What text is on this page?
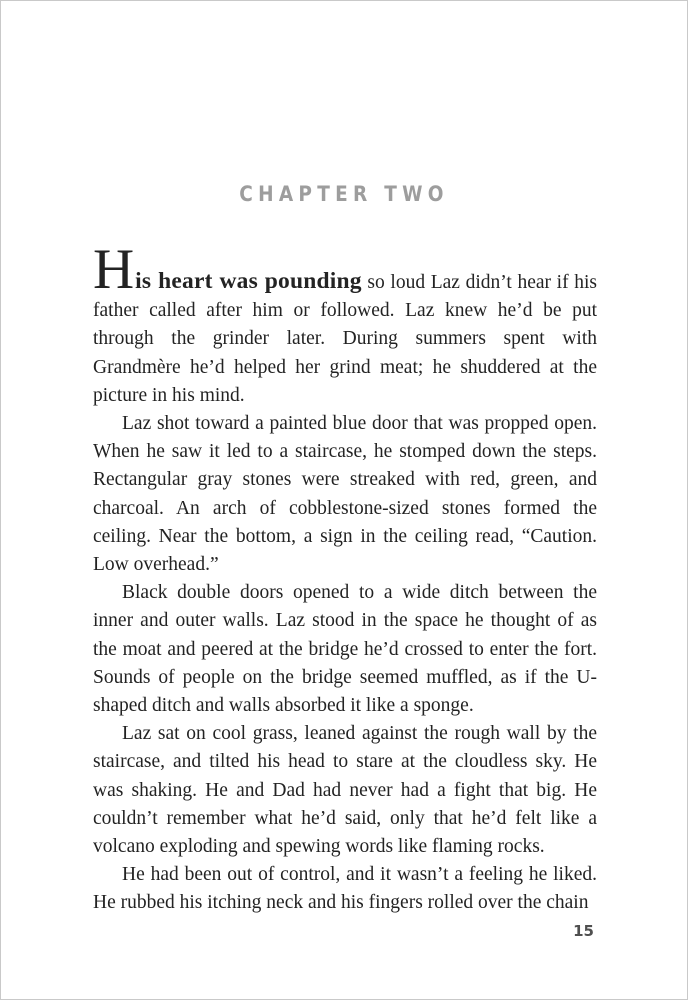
CHAPTER TWO

His heart was pounding so loud Laz didn’t hear if his father called after him or followed. Laz knew he’d be put through the grinder later. During summers spent with Grandmère he’d helped her grind meat; he shuddered at the picture in his mind.

Laz shot toward a painted blue door that was propped open. When he saw it led to a staircase, he stomped down the steps. Rectangular gray stones were streaked with red, green, and charcoal. An arch of cobblestone-sized stones formed the ceiling. Near the bottom, a sign in the ceiling read, “Caution. Low overhead.”

Black double doors opened to a wide ditch between the inner and outer walls. Laz stood in the space he thought of as the moat and peered at the bridge he’d crossed to enter the fort. Sounds of people on the bridge seemed muffled, as if the U-shaped ditch and walls absorbed it like a sponge.

Laz sat on cool grass, leaned against the rough wall by the staircase, and tilted his head to stare at the cloudless sky. He was shaking. He and Dad had never had a fight that big. He couldn’t remember what he’d said, only that he’d felt like a volcano exploding and spewing words like flaming rocks.

He had been out of control, and it wasn’t a feeling he liked. He rubbed his itching neck and his fingers rolled over the chain

15
